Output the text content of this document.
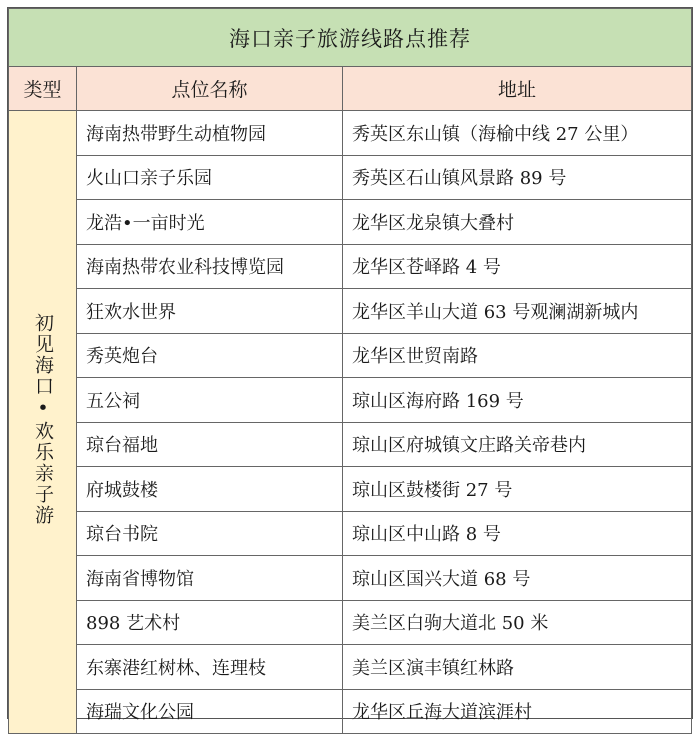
海口亲子旅游线路点推荐		
类型	点位名称	地址
初见海口•欢乐亲子游	海南热带野生动植物园	秀英区东山镇（海榆中线 27 公里）
	火山口亲子乐园	秀英区石山镇风景路 89 号
	龙浩•一亩时光	龙华区龙泉镇大叠村
	海南热带农业科技博览园	龙华区苍峄路 4 号
	狂欢水世界	龙华区羊山大道 63 号观澜湖新城内
	秀英炮台	龙华区世贸南路
	五公祠	琼山区海府路 169 号
	琼台福地	琼山区府城镇文庄路关帝巷内
	府城鼓楼	琼山区鼓楼街 27 号
	琼台书院	琼山区中山路 8 号
	海南省博物馆	琼山区国兴大道 68 号
	898 艺术村	美兰区白驹大道北 50 米
	东寨港红树林、连理枝	美兰区演丰镇红林路
	海瑞文化公园	龙华区丘海大道滨涯村
